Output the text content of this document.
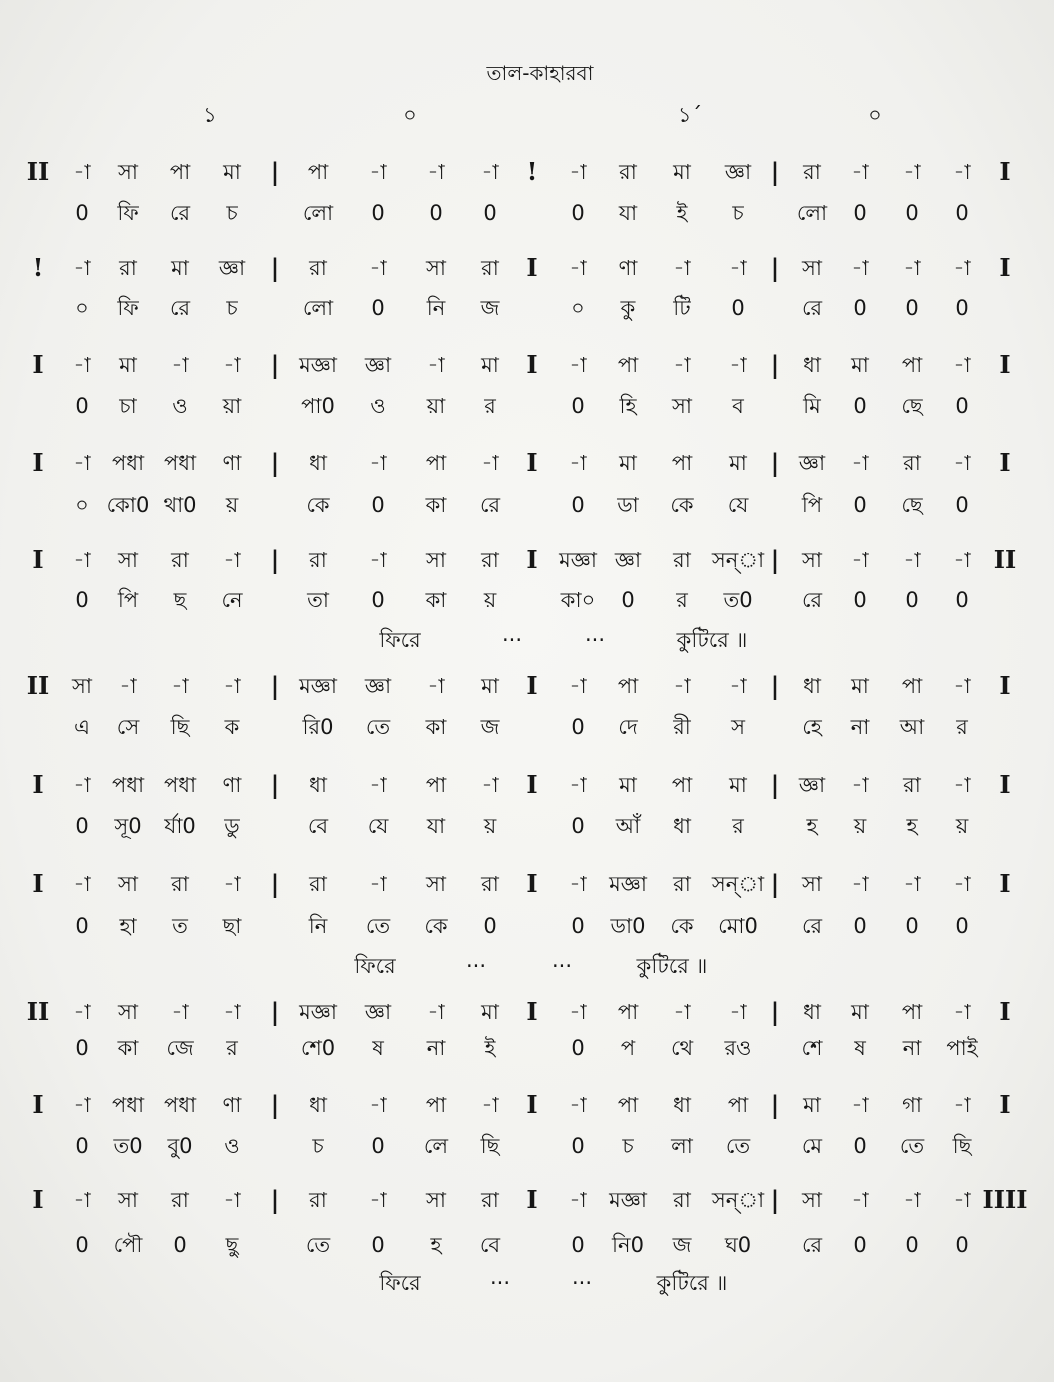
তাল-কাহারবা
১	০	১´	০
II -া সা পা মা | পা -া -া -া ! -া রা মা জ্ঞা | রা -া -া -া I
0 ফি রে চ	লো 0 0 0	0 যা ই চ	লো 0 0 0
! -া রা মা জ্ঞা | রা -া সা রা I -া ণা -া -া | সা -া -া -া I
০ ফি রে চ	লো 0 নি জ	০ কু টি 0	রে 0 0 0
I -া মা -া -া | মজ্ঞা জ্ঞা -া মা I -া পা -া -া | ধা মা পা -া I
0 চা ও য়া	পা0 ও য়া র	0 হি সা ব	মি 0 ছে 0
I -া পধা পধা ণা | ধা -া পা -া I -া মা পা মা | জ্ঞা -া রা -া I
০ কো0 থা0 য়	কে 0 কা রে	0 ডা কে যে	পি 0 ছে 0
I -া সা রা -া | রা -া সা রা I মজ্ঞা জ্ঞা রা সন্া | সা -া -া -া II
0 পি ছ নে	তা 0 কা য়	কা০ 0 র ত0 রে 0 0 0
II সা -া -া -া | মজ্ঞা জ্ঞা -া মা I -া পা -া -া | ধা মা পা -া I
এ সে ছি ক	রি0 তে কা জ	0 দে রী স	হে না আ র
I -া পধা পধা ণা | ধা -া পা -া I -া মা পা মা | জ্ঞা -া রা -া I
0 সূ0 র্যা0 ডু	বে যে যা য়	0 আঁ ধা র	হ য় হ য়
I -া সা রা -া | রা -া সা রা I -া মজ্ঞা রা সন্া | সা -া -া -া I
0 হা ত ছা	নি তে কে 0	0 ডা0 কে মো0 রে 0 0 0
II -া সা -া -া | মজ্ঞা জ্ঞা -া মা I -া পা -া -া | ধা মা পা -া I
0 কা জে র	শে0 ষ না ই	0 প থে রও শে ষ না পাই
I -া পধা পধা ণা | ধা -া পা -া I -া পা ধা পা | মা -া গা -া I
0 ত0 বু0 ও	চ 0 লে ছি	0 চ লা তে মে 0 তে ছি
I -া সা রা -া | রা -া সা রা I -া মজ্ঞা রা সন্া | সা -া -া -া IIII
0 পৌ 0 ছু	তে 0 হ বে	0 নি0 জ ঘ0 রে 0 0 0
ফিরে	···	···	কুটিরে ॥
ফিরে	···	···	কুটিরে ॥
ফিরে	···	···	কুটিরে ॥
